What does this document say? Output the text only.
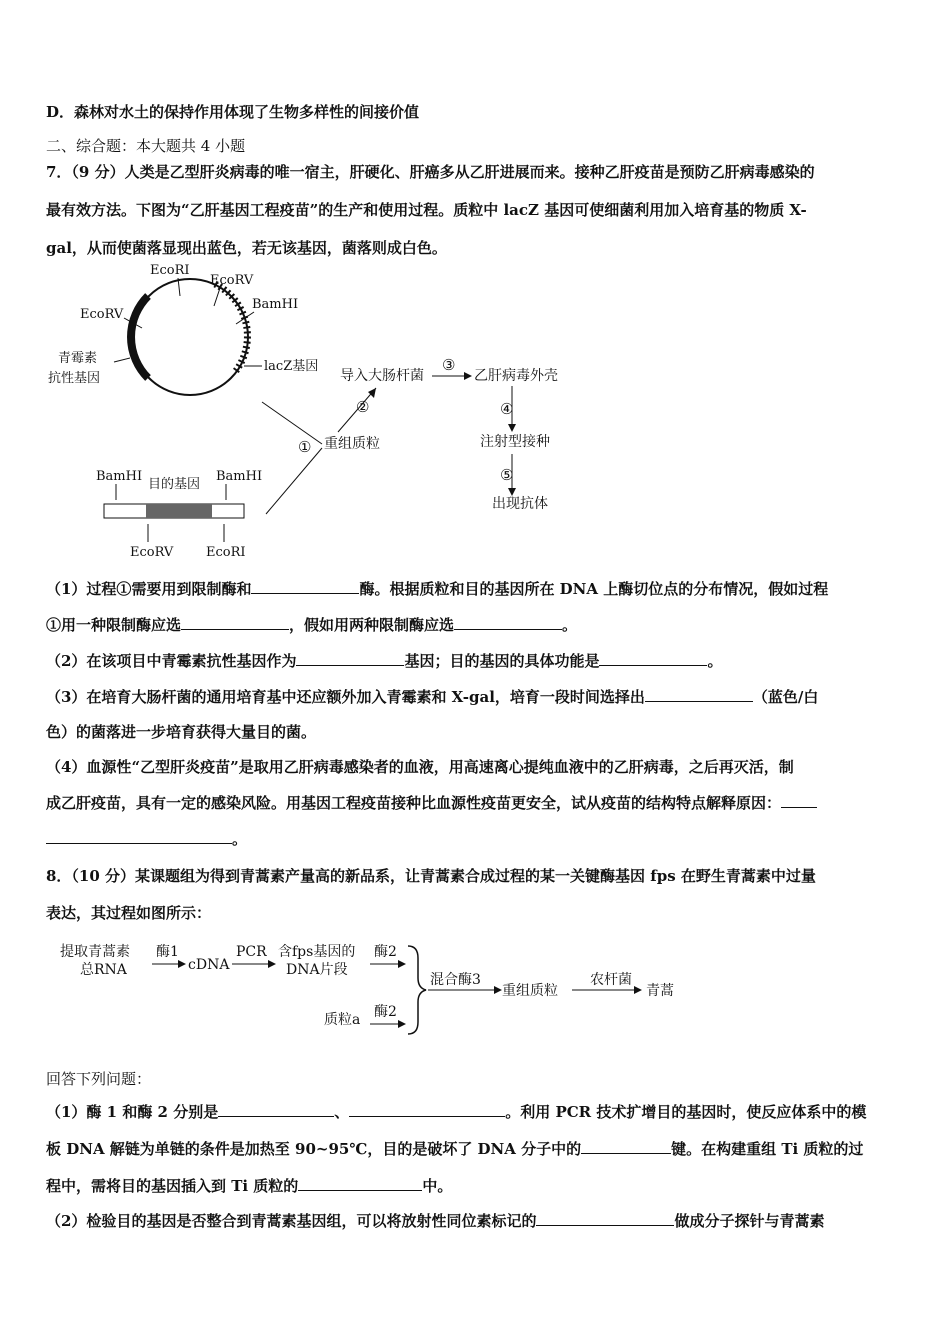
D．森林对水土的保持作用体现了生物多样性的间接价值
二、综合题：本大题共 4 小题
7．（9 分）人类是乙型肝炎病毒的唯一宿主，肝硬化、肝癌多从乙肝进展而来。接种乙肝疫苗是预防乙肝病毒感染的
最有效方法。下图为“乙肝基因工程疫苗”的生产和使用过程。质粒中 lacZ 基因可使细菌利用加入培育基的物质 X-
gal，从而使菌落显现出蓝色，若无该基因，菌落则成白色。
EcoRI
EcoRV
BamHI
EcoRV
青霉素
抗性基因
lacZ基因
① 重组质粒
②
导入大肠杆菌
③
乙肝病毒外壳
④
注射型接种
⑤
出现抗体
BamHI
目的基因
BamHI
EcoRV	EcoRI
（1）过程①需要用到限制酶和	酶。根据质粒和目的基因所在 DNA 上酶切位点的分布情况，假如过程
①用一种限制酶应选	，假如用两种限制酶应选	。
（2）在该项目中青霉素抗性基因作为	基因；目的基因的具体功能是	。
（3）在培育大肠杆菌的通用培育基中还应额外加入青霉素和 X-gal，培育一段时间选择出	（蓝色/白
色）的菌落进一步培育获得大量目的菌。
（4）血源性“乙型肝炎疫苗”是取用乙肝病毒感染者的血液，用高速离心提纯血液中的乙肝病毒，之后再灭活，制
成乙肝疫苗，具有一定的感染风险。用基因工程疫苗接种比血源性疫苗更安全，试从疫苗的结构特点解释原因：
。
8．（10 分）某课题组为得到青蒿素产量高的新品系，让青蒿素合成过程的某一关键酶基因 fps 在野生青蒿素中过量
表达，其过程如图所示：
提取青蒿素
总RNA
酶1
cDNA
PCR 含fps基因的
DNA片段
酶2
质粒a 酶2
混合酶3
重组质粒
农杆菌
青蒿
回答下列问题：
（1）酶 1 和酶 2 分别是	、	。利用 PCR 技术扩增目的基因时，使反应体系中的模
板 DNA 解链为单链的条件是加热至 90~95℃，目的是破坏了 DNA 分子中的	键。在构建重组 Ti 质粒的过
程中，需将目的基因插入到 Ti 质粒的	中。
（2）检验目的基因是否整合到青蒿素基因组，可以将放射性同位素标记的	做成分子探针与青蒿素
